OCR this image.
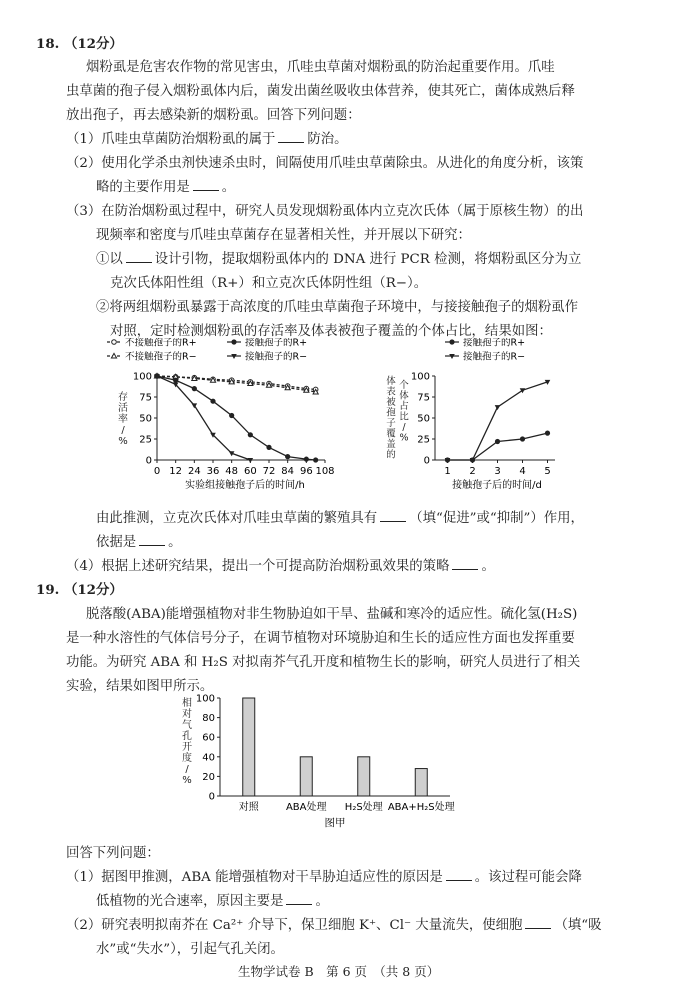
18. （12分）
烟粉虱是危害农作物的常见害虫，爪哇虫草菌对烟粉虱的防治起重要作用。爪哇
虫草菌的孢子侵入烟粉虱体内后，菌发出菌丝吸收虫体营养，使其死亡，菌体成熟后释
放出孢子，再去感染新的烟粉虱。回答下列问题：
（1）爪哇虫草菌防治烟粉虱的属于 防治。
（2）使用化学杀虫剂快速杀虫时，间隔使用爪哇虫草菌除虫。从进化的角度分析，该策
略的主要作用是 。
（3）在防治烟粉虱过程中，研究人员发现烟粉虱体内立克次氏体（属于原核生物）的出
现频率和密度与爪哇虫草菌存在显著相关性，并开展以下研究：
①以 设计引物，提取烟粉虱体内的 DNA 进行 PCR 检测，将烟粉虱区分为立
克次氏体阳性组（R+）和立克次氏体阴性组（R−）。
②将两组烟粉虱暴露于高浓度的爪哇虫草菌孢子环境中，与接接触孢子的烟粉虱作
对照，定时检测烟粉虱的存活率及体表被孢子覆盖的个体占比，结果如图：
不接触孢子的R+
不接触孢子的R−
接触孢子的R+
接触孢子的R−
0
25
50
75
100
0 12 24 36 48 60 72 84 96 108
实验组接触孢子后的时间/h
存活率/ %
接触孢子的R+
接触孢子的R−
0
25
50
75
100
1 2 3 4 5
接触孢子后的时间/d
体表被孢子覆盖的
个体占比/ %
由此推测，立克次氏体对爪哇虫草菌的繁殖具有 （填“促进”或“抑制”）作用，
依据是 。
（4）根据上述研究结果，提出一个可提高防治烟粉虱效果的策略 。
19. （12分）
脱落酸(ABA)能增强植物对非生物胁迫如干旱、盐碱和寒冷的适应性。硫化氢(H₂S)
是一种水溶性的气体信号分子，在调节植物对环境胁迫和生长的适应性方面也发挥重要
功能。为研究 ABA 和 H₂S 对拟南芥气孔开度和植物生长的影响，研究人员进行了相关
实验，结果如图甲所示。
0
20
40
60
80
100
相对气孔开度/ %
对照	ABA处理 H₂S处理 ABA+H₂S处理
图甲
回答下列问题：
（1）据图甲推测，ABA 能增强植物对干旱胁迫适应性的原因是 。该过程可能会降
低植物的光合速率，原因主要是 。
（2）研究表明拟南芥在 Ca²⁺ 介导下，保卫细胞 K⁺、Cl⁻ 大量流失，使细胞 （填“吸
水”或“失水”），引起气孔关闭。
生物学试卷 B　第 6 页　（共 8 页）
